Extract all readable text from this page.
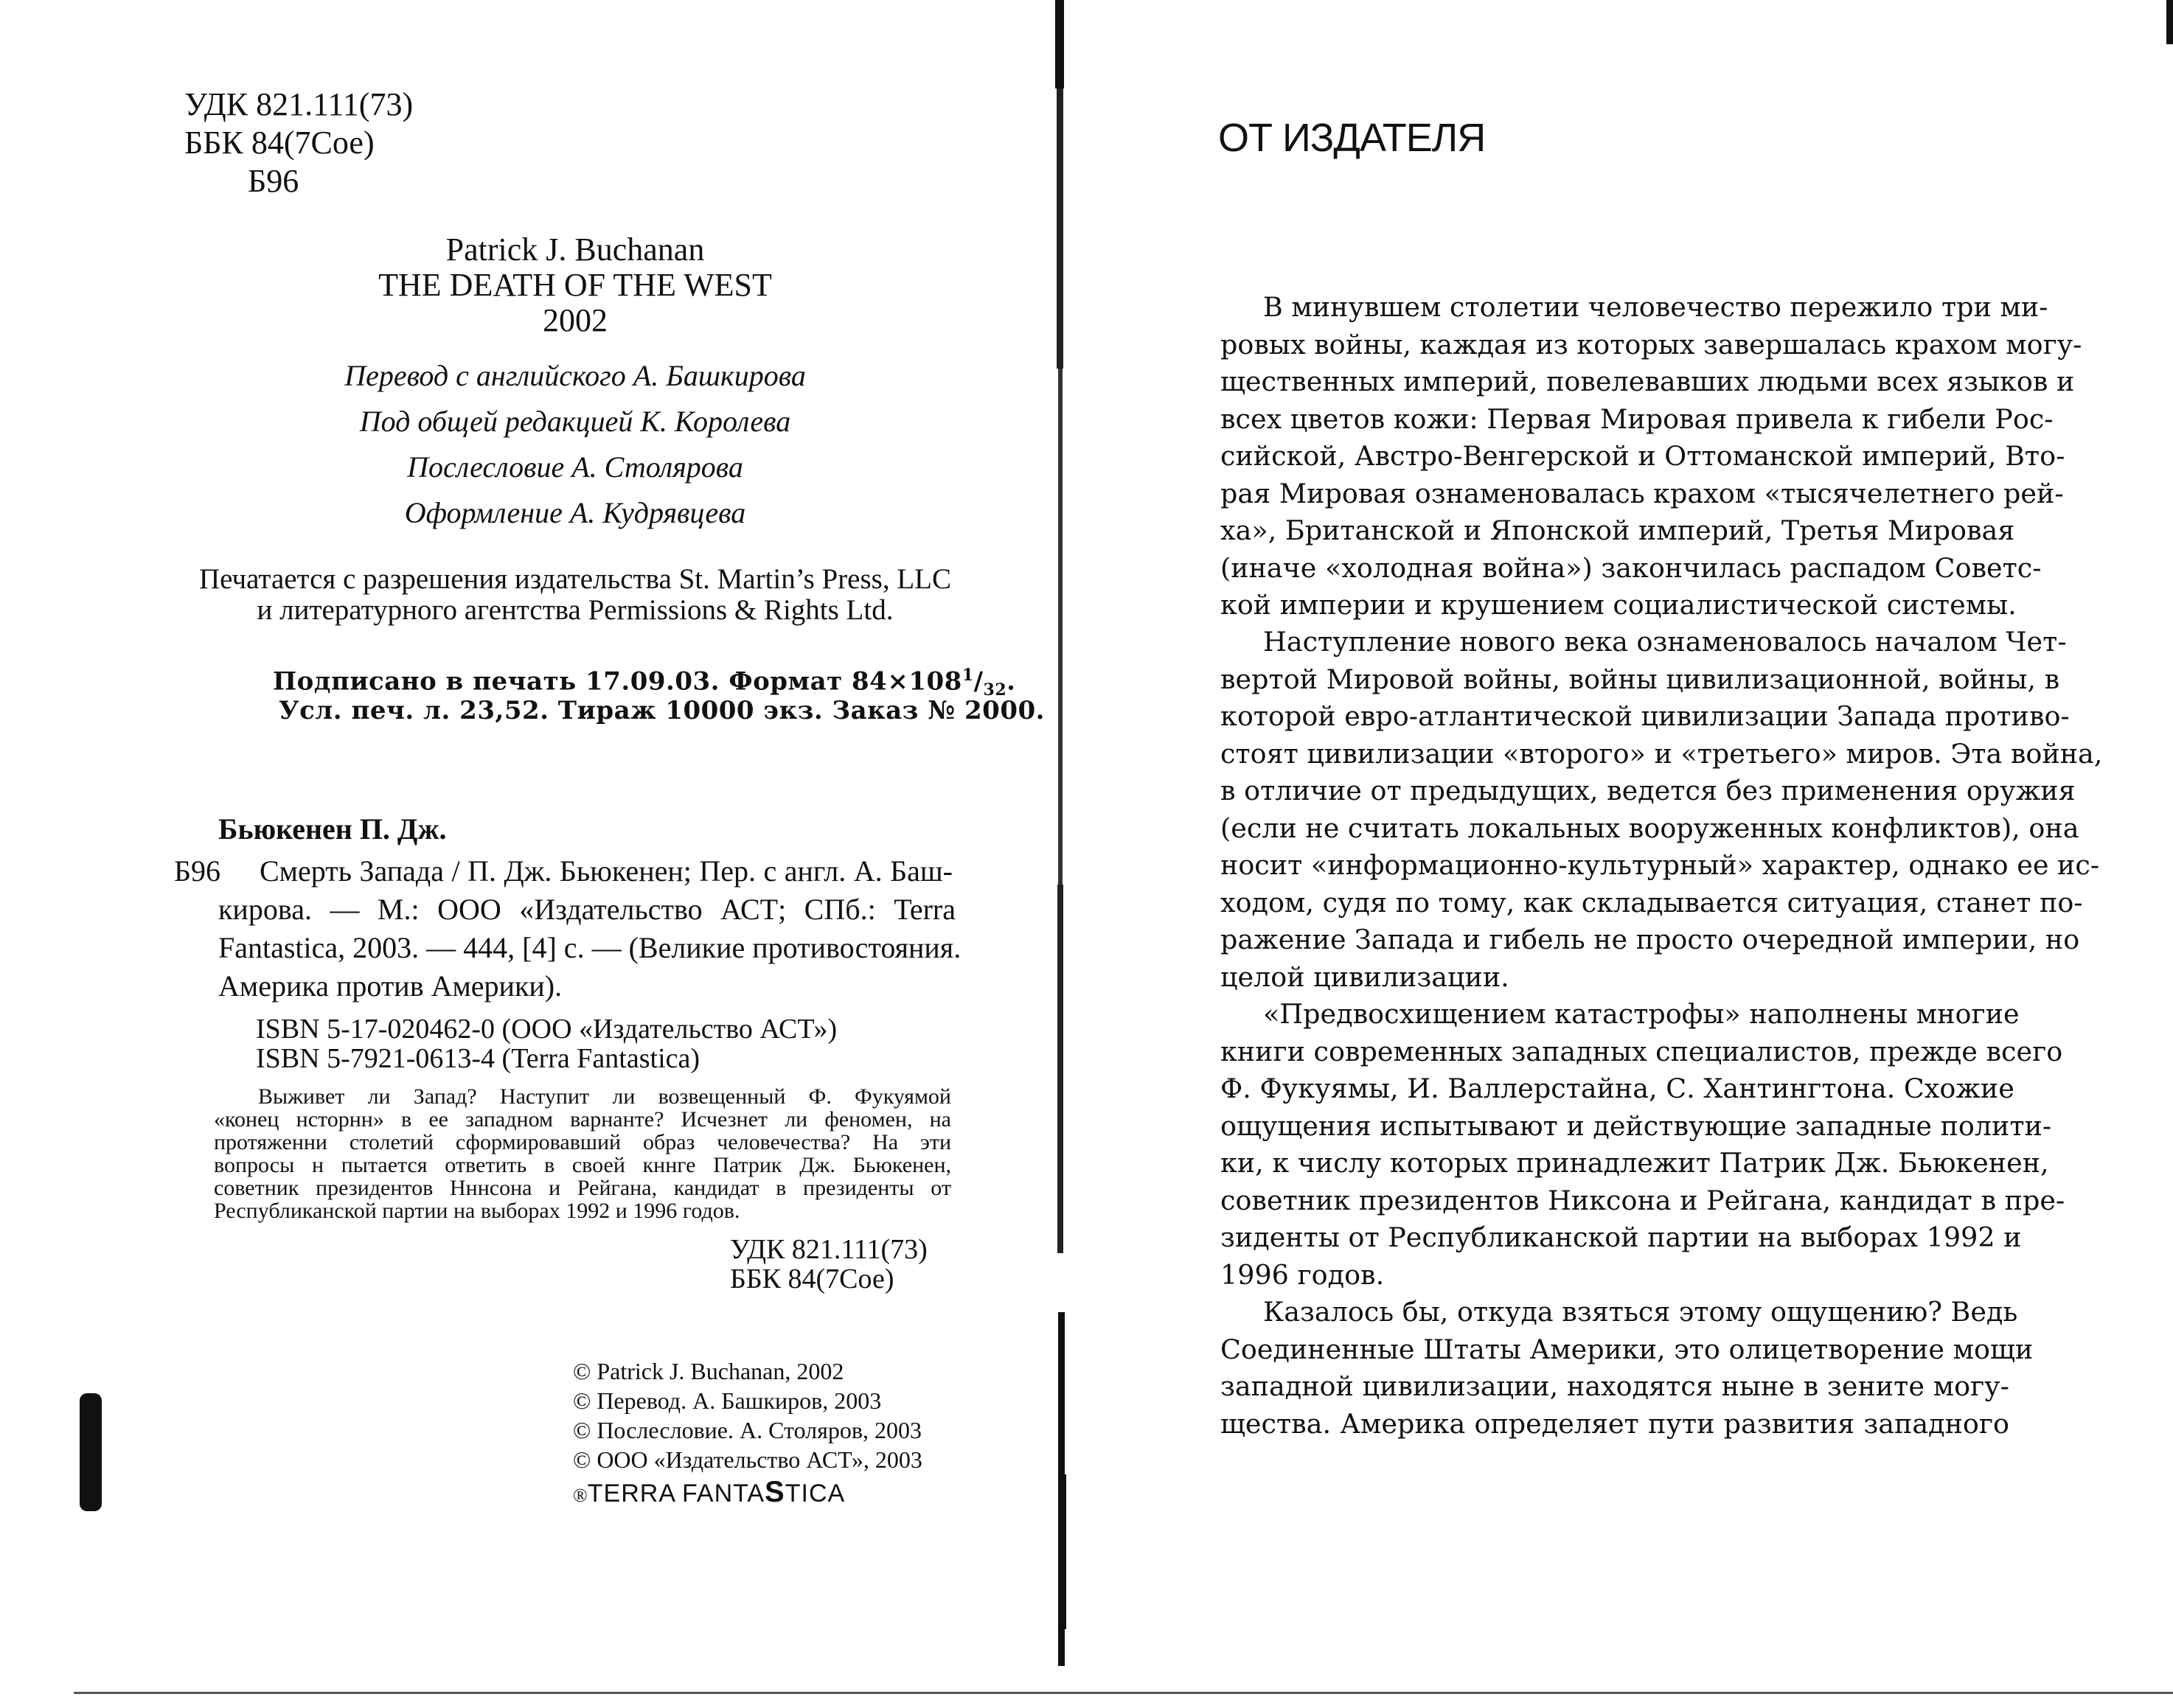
УДК 821.111(73)
ББК 84(7Сое)
Б96
Patrick J. Buchanan
THE DEATH OF THE WEST
2002
Перевод с английского А. Башкирова
Под общей редакцией К. Королева
Послесловие А. Столярова
Оформление А. Кудрявцева
Печатается с разрешения издательства St. Martin’s Press, LLC
и литературного агентства Permissions & Rights Ltd.
Подписано в печать 17.09.03. Формат $84\times 108^1/_{32}$.
Усл. печ. л. 23,52. Тираж 10000 экз. Заказ № 2000.
Бьюкенен П. Дж.
Б96 Смерть Запада / П. Дж. Бьюкенен; Пер. с англ. А. Баш-
кирова. — М.: ООО «Издательство АСТ; СПб.: Terra
Fantastica, 2003. — 444, [4] с. — (Великие противостояния.
Америка против Америки).
ISBN 5-17-020462-0 (ООО «Издательство АСТ»)
ISBN 5-7921-0613-4 (Terra Fantastica)
Выживет ли Запад? Наступит ли возвещенный Ф. Фукуямой
«конец нсторнн» в ее западном варнанте? Исчезнет ли феномен, на
протяженни столетий сформировавший образ человечества? На эти
вопросы н пытается ответить в своей кннге Патрик Дж. Бьюкенен,
советник президентов Нннсона и Рейгана, кандидат в президенты от
Республиканской партии на выборах 1992 и 1996 годов.
УДК 821.111(73)
ББК 84(7Сое)
© Patrick J. Buchanan, 2002
© Перевод. А. Башкиров, 2003
© Послесловие. А. Столяров, 2003
© ООО «Издательство АСТ», 2003
®TERRA FANTASTICA
ОТ ИЗДАТЕЛЯ
В минувшем столетии человечество пережило три ми-
ровых войны, каждая из которых завершалась крахом могу-
щественных империй, повелевавших людьми всех языков и
всех цветов кожи: Первая Мировая привела к гибели Рос-
сийской, Австро-Венгерской и Оттоманской империй, Вто-
рая Мировая ознаменовалась крахом «тысячелетнего рей-
ха», Британской и Японской империй, Третья Мировая
(иначе «холодная война») закончилась распадом Советс-
кой империи и крушением социалистической системы.
Наступление нового века ознаменовалось началом Чет-
вертой Мировой войны, войны цивилизационной, войны, в
которой евро-атлантической цивилизации Запада противо-
стоят цивилизации «второго» и «третьего» миров. Эта война,
в отличие от предыдущих, ведется без применения оружия
(если не считать локальных вооруженных конфликтов), она
носит «информационно-культурный» характер, однако ее ис-
ходом, судя по тому, как складывается ситуация, станет по-
ражение Запада и гибель не просто очередной империи, но
целой цивилизации.
«Предвосхищением катастрофы» наполнены многие
книги современных западных специалистов, прежде всего
Ф. Фукуямы, И. Валлерстайна, С. Хантингтона. Схожие
ощущения испытывают и действующие западные полити-
ки, к числу которых принадлежит Патрик Дж. Бьюкенен,
советник президентов Никсона и Рейгана, кандидат в пре-
зиденты от Республиканской партии на выборах 1992 и
1996 годов.
Казалось бы, откуда взяться этому ощущению? Ведь
Соединенные Штаты Америки, это олицетворение мощи
западной цивилизации, находятся ныне в зените могу-
щества. Америка определяет пути развития западного
